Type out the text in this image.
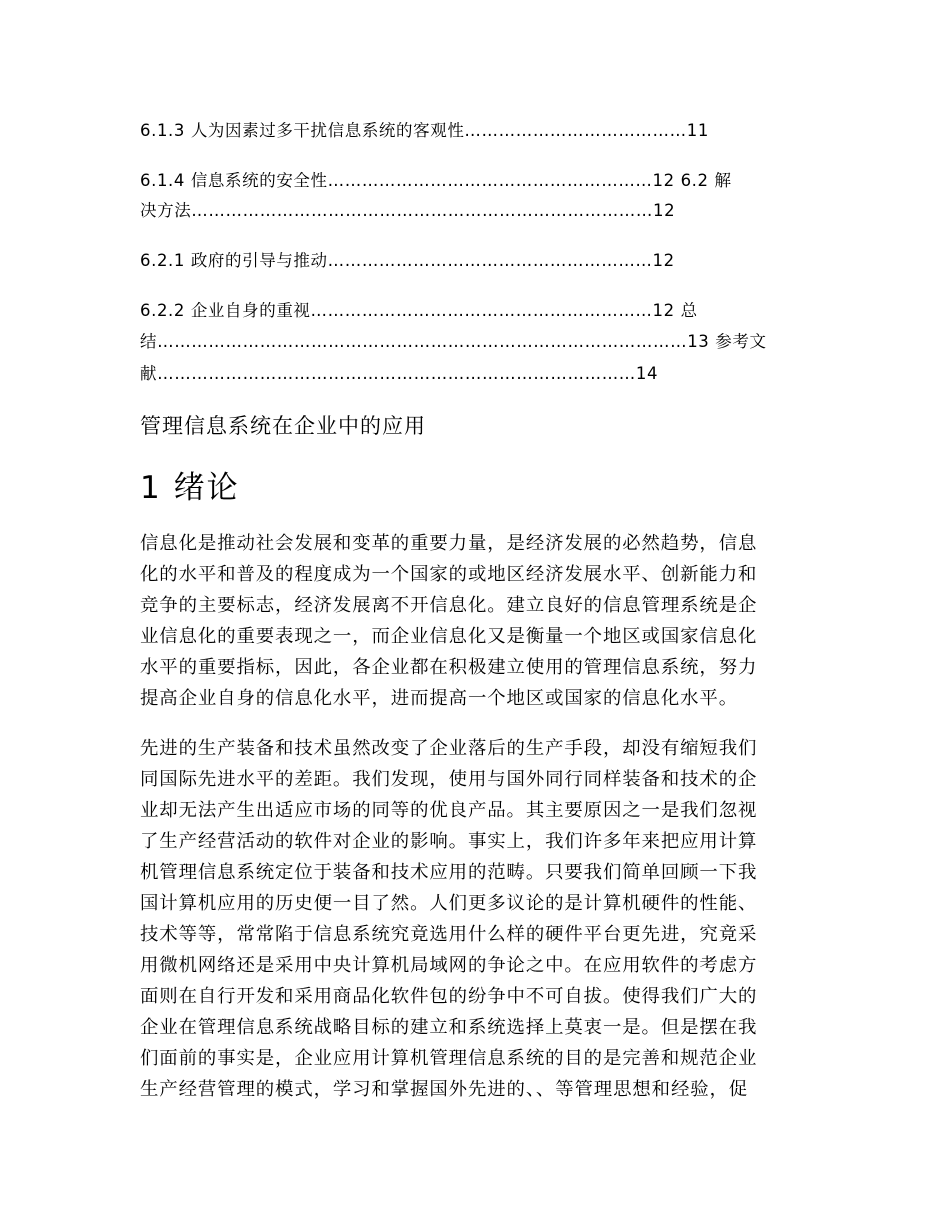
6.1.3 人为因素过多干扰信息系统的客观性…………………………………11
6.1.4 信息系统的安全性…………………………………………………12 6.2 解
决方法………………………………………………………………………12
6.2.1 政府的引导与推动…………………………………………………12
6.2.2 企业自身的重视……………………………………………………12 总
结…………………………………………………………………………………13 参考文
献…………………………………………………………………………14
管理信息系统在企业中的应用
1 绪论
信息化是推动社会发展和变革的重要力量，是经济发展的必然趋势，信息
化的水平和普及的程度成为一个国家的或地区经济发展水平、创新能力和
竞争的主要标志，经济发展离不开信息化。建立良好的信息管理系统是企
业信息化的重要表现之一，而企业信息化又是衡量一个地区或国家信息化
水平的重要指标，因此，各企业都在积极建立使用的管理信息系统，努力
提高企业自身的信息化水平，进而提高一个地区或国家的信息化水平。
先进的生产装备和技术虽然改变了企业落后的生产手段，却没有缩短我们
同国际先进水平的差距。我们发现，使用与国外同行同样装备和技术的企
业却无法产生出适应市场的同等的优良产品。其主要原因之一是我们忽视
了生产经营活动的软件对企业的影响。事实上，我们许多年来把应用计算
机管理信息系统定位于装备和技术应用的范畴。只要我们简单回顾一下我
国计算机应用的历史便一目了然。人们更多议论的是计算机硬件的性能、
技术等等，常常陷于信息系统究竟选用什么样的硬件平台更先进，究竟采
用微机网络还是采用中央计算机局域网的争论之中。在应用软件的考虑方
面则在自行开发和采用商品化软件包的纷争中不可自拔。使得我们广大的
企业在管理信息系统战略目标的建立和系统选择上莫衷一是。但是摆在我
们面前的事实是，企业应用计算机管理信息系统的目的是完善和规范企业
生产经营管理的模式，学习和掌握国外先进的、、等管理思想和经验，促
